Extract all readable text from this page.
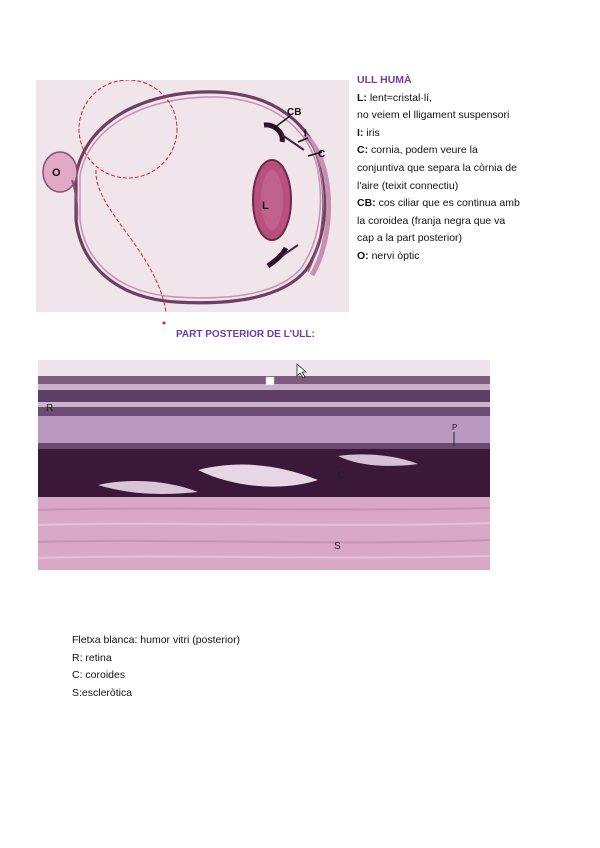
O
L
CB
I
C
ULL HUMÀ
L: lent=cristal·lí,
no veiem el lligament suspensori
I: iris
C: cornia, podem veure la
conjuntiva que separa la còrnia de
l'aire (teixit connectiu)
CB: cos ciliar que es continua amb
la coroidea (franja negra que va
cap a la part posterior)
O: nervi òptic
PART POSTERIOR DE L'ULL:
R
P
C
S
Fletxa blanca: humor vitri (posterior)
R: retina
C: coroides
S:escleròtica
